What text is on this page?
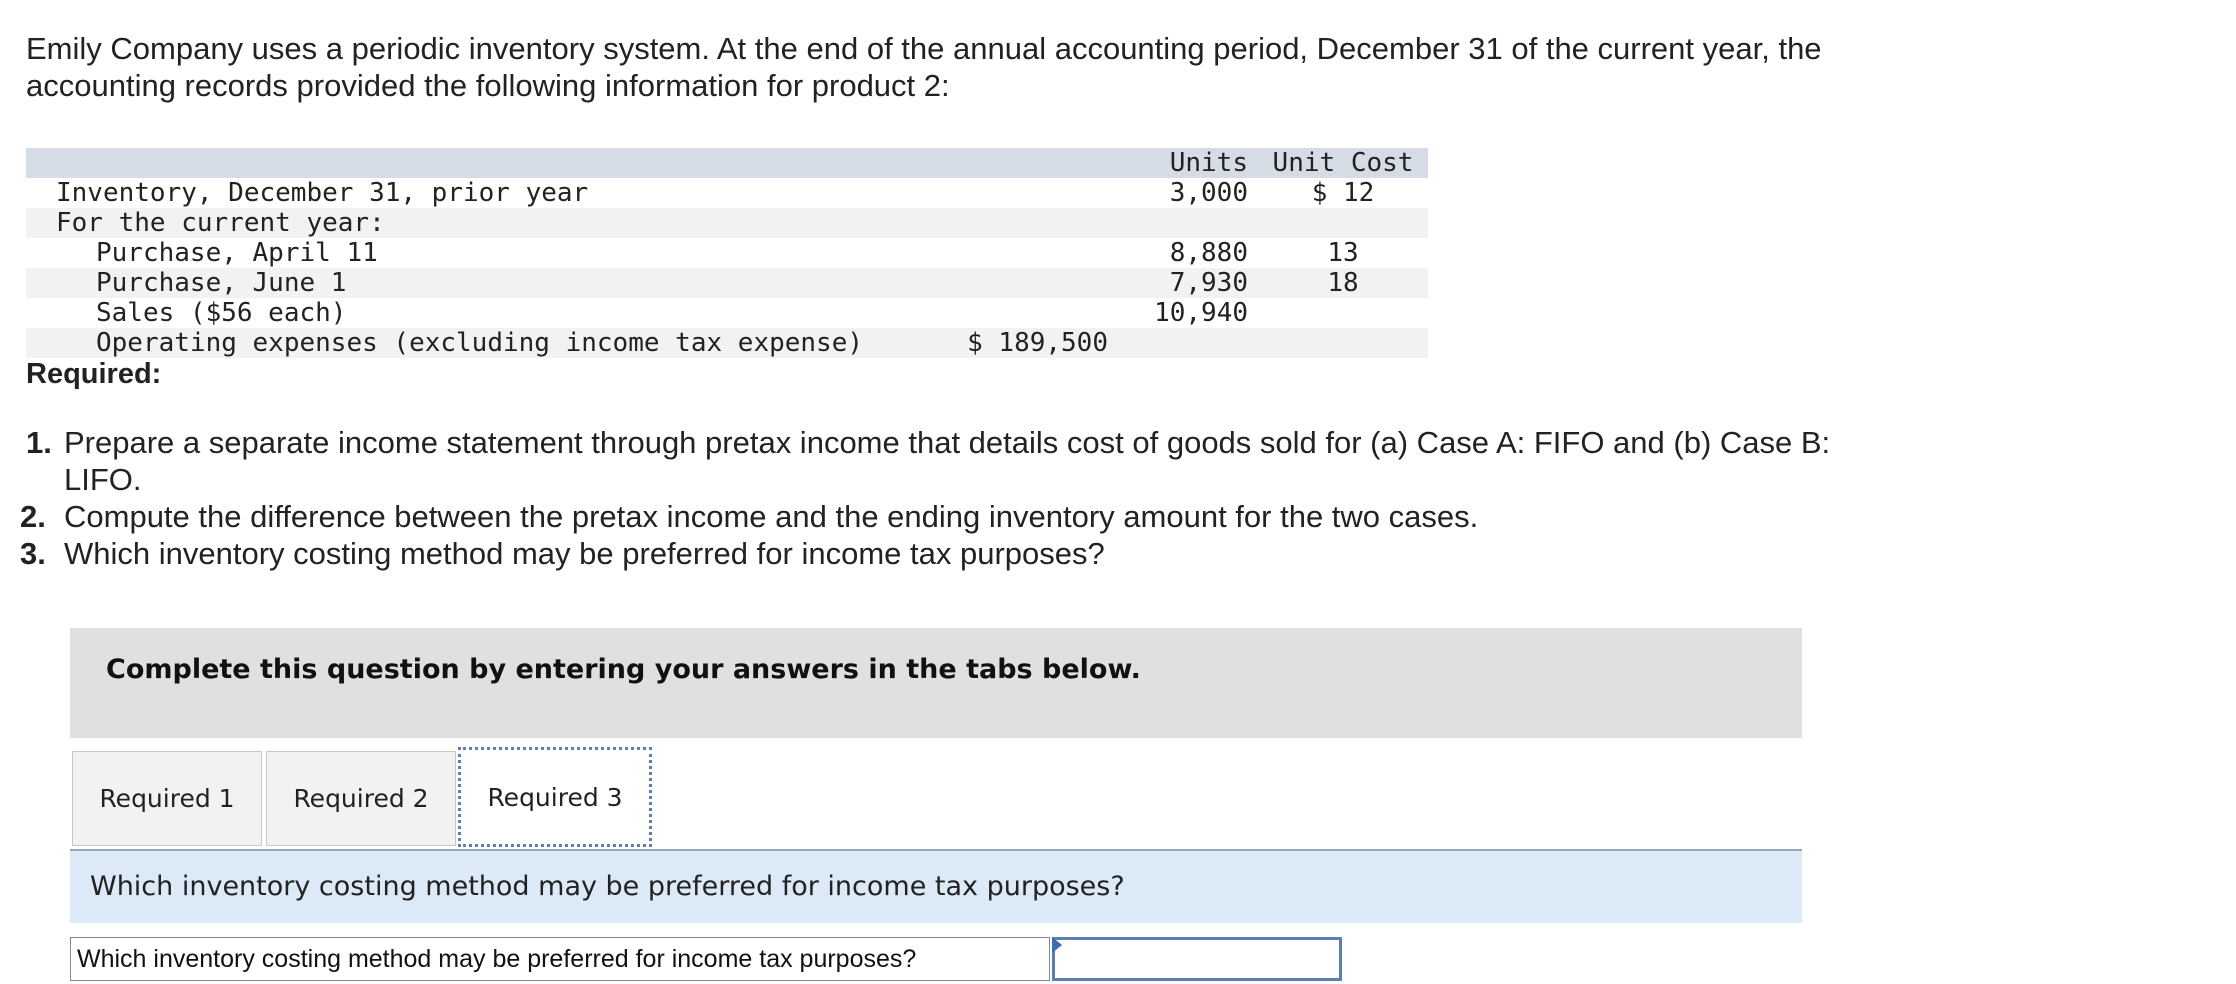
Emily Company uses a periodic inventory system. At the end of the annual accounting period, December 31 of the current year, the accounting records provided the following information for product 2:

Units Unit Cost
Inventory, December 31, prior year	3,000	$ 12
For the current year:
Purchase, April 11	8,880	13
Purchase, June 1	7,930	18
Sales ($56 each)	10,940
Operating expenses (excluding income tax expense)	$ 189,500

Required:

1. Prepare a separate income statement through pretax income that details cost of goods sold for (a) Case A: FIFO and (b) Case B: LIFO.
2. Compute the difference between the pretax income and the ending inventory amount for the two cases.
3. Which inventory costing method may be preferred for income tax purposes?
Complete this question by entering your answers in the tabs below.
Required 1	Required 2	Required 3
Which inventory costing method may be preferred for income tax purposes?
Which inventory costing method may be preferred for income tax purposes?
